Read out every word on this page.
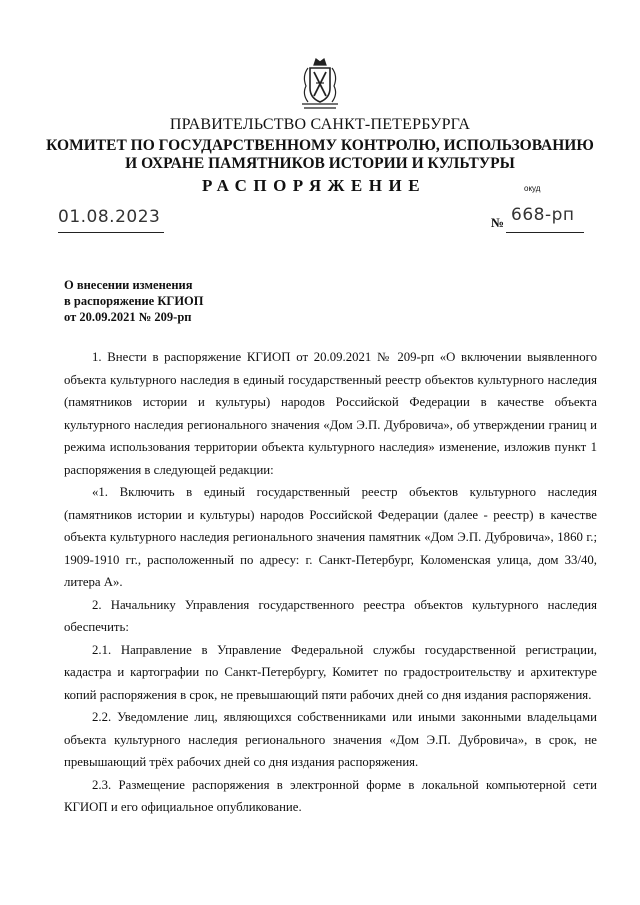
ПРАВИТЕЛЬСТВО САНКТ-ПЕТЕРБУРГА
КОМИТЕТ ПО ГОСУДАРСТВЕННОМУ КОНТРОЛЮ, ИСПОЛЬЗОВАНИЮ
И ОХРАНЕ ПАМЯТНИКОВ ИСТОРИИ И КУЛЬТУРЫ
РАСПОРЯЖЕНИЕ	окуд
01.08.2023	№ 668-рп
О внесении изменения
в распоряжение КГИОП
от 20.09.2021 № 209-рп

1. Внести в распоряжение КГИОП от 20.09.2021 № 209-рп «О включении выявленного объекта культурного наследия в единый государственный реестр объектов культурного наследия (памятников истории и культуры) народов Российской Федерации в качестве объекта культурного наследия регионального значения «Дом Э.П. Дубровича», об утверждении границ и режима использования территории объекта культурного наследия» изменение, изложив пункт 1 распоряжения в следующей редакции:

«1. Включить в единый государственный реестр объектов культурного наследия (памятников истории и культуры) народов Российской Федерации (далее - реестр) в качестве объекта культурного наследия регионального значения памятник «Дом Э.П. Дубровича», 1860 г.; 1909-1910 гг., расположенный по адресу: г. Санкт-Петербург, Коломенская улица, дом 33/40, литера А».

2. Начальнику Управления государственного реестра объектов культурного наследия обеспечить:

2.1. Направление в Управление Федеральной службы государственной регистрации, кадастра и картографии по Санкт-Петербургу, Комитет по градостроительству и архитектуре копий распоряжения в срок, не превышающий пяти рабочих дней со дня издания распоряжения.

2.2. Уведомление лиц, являющихся собственниками или иными законными владельцами объекта культурного наследия регионального значения «Дом Э.П. Дубровича», в срок, не превышающий трёх рабочих дней со дня издания распоряжения.

2.3. Размещение распоряжения в электронной форме в локальной компьютерной сети КГИОП и его официальное опубликование.
